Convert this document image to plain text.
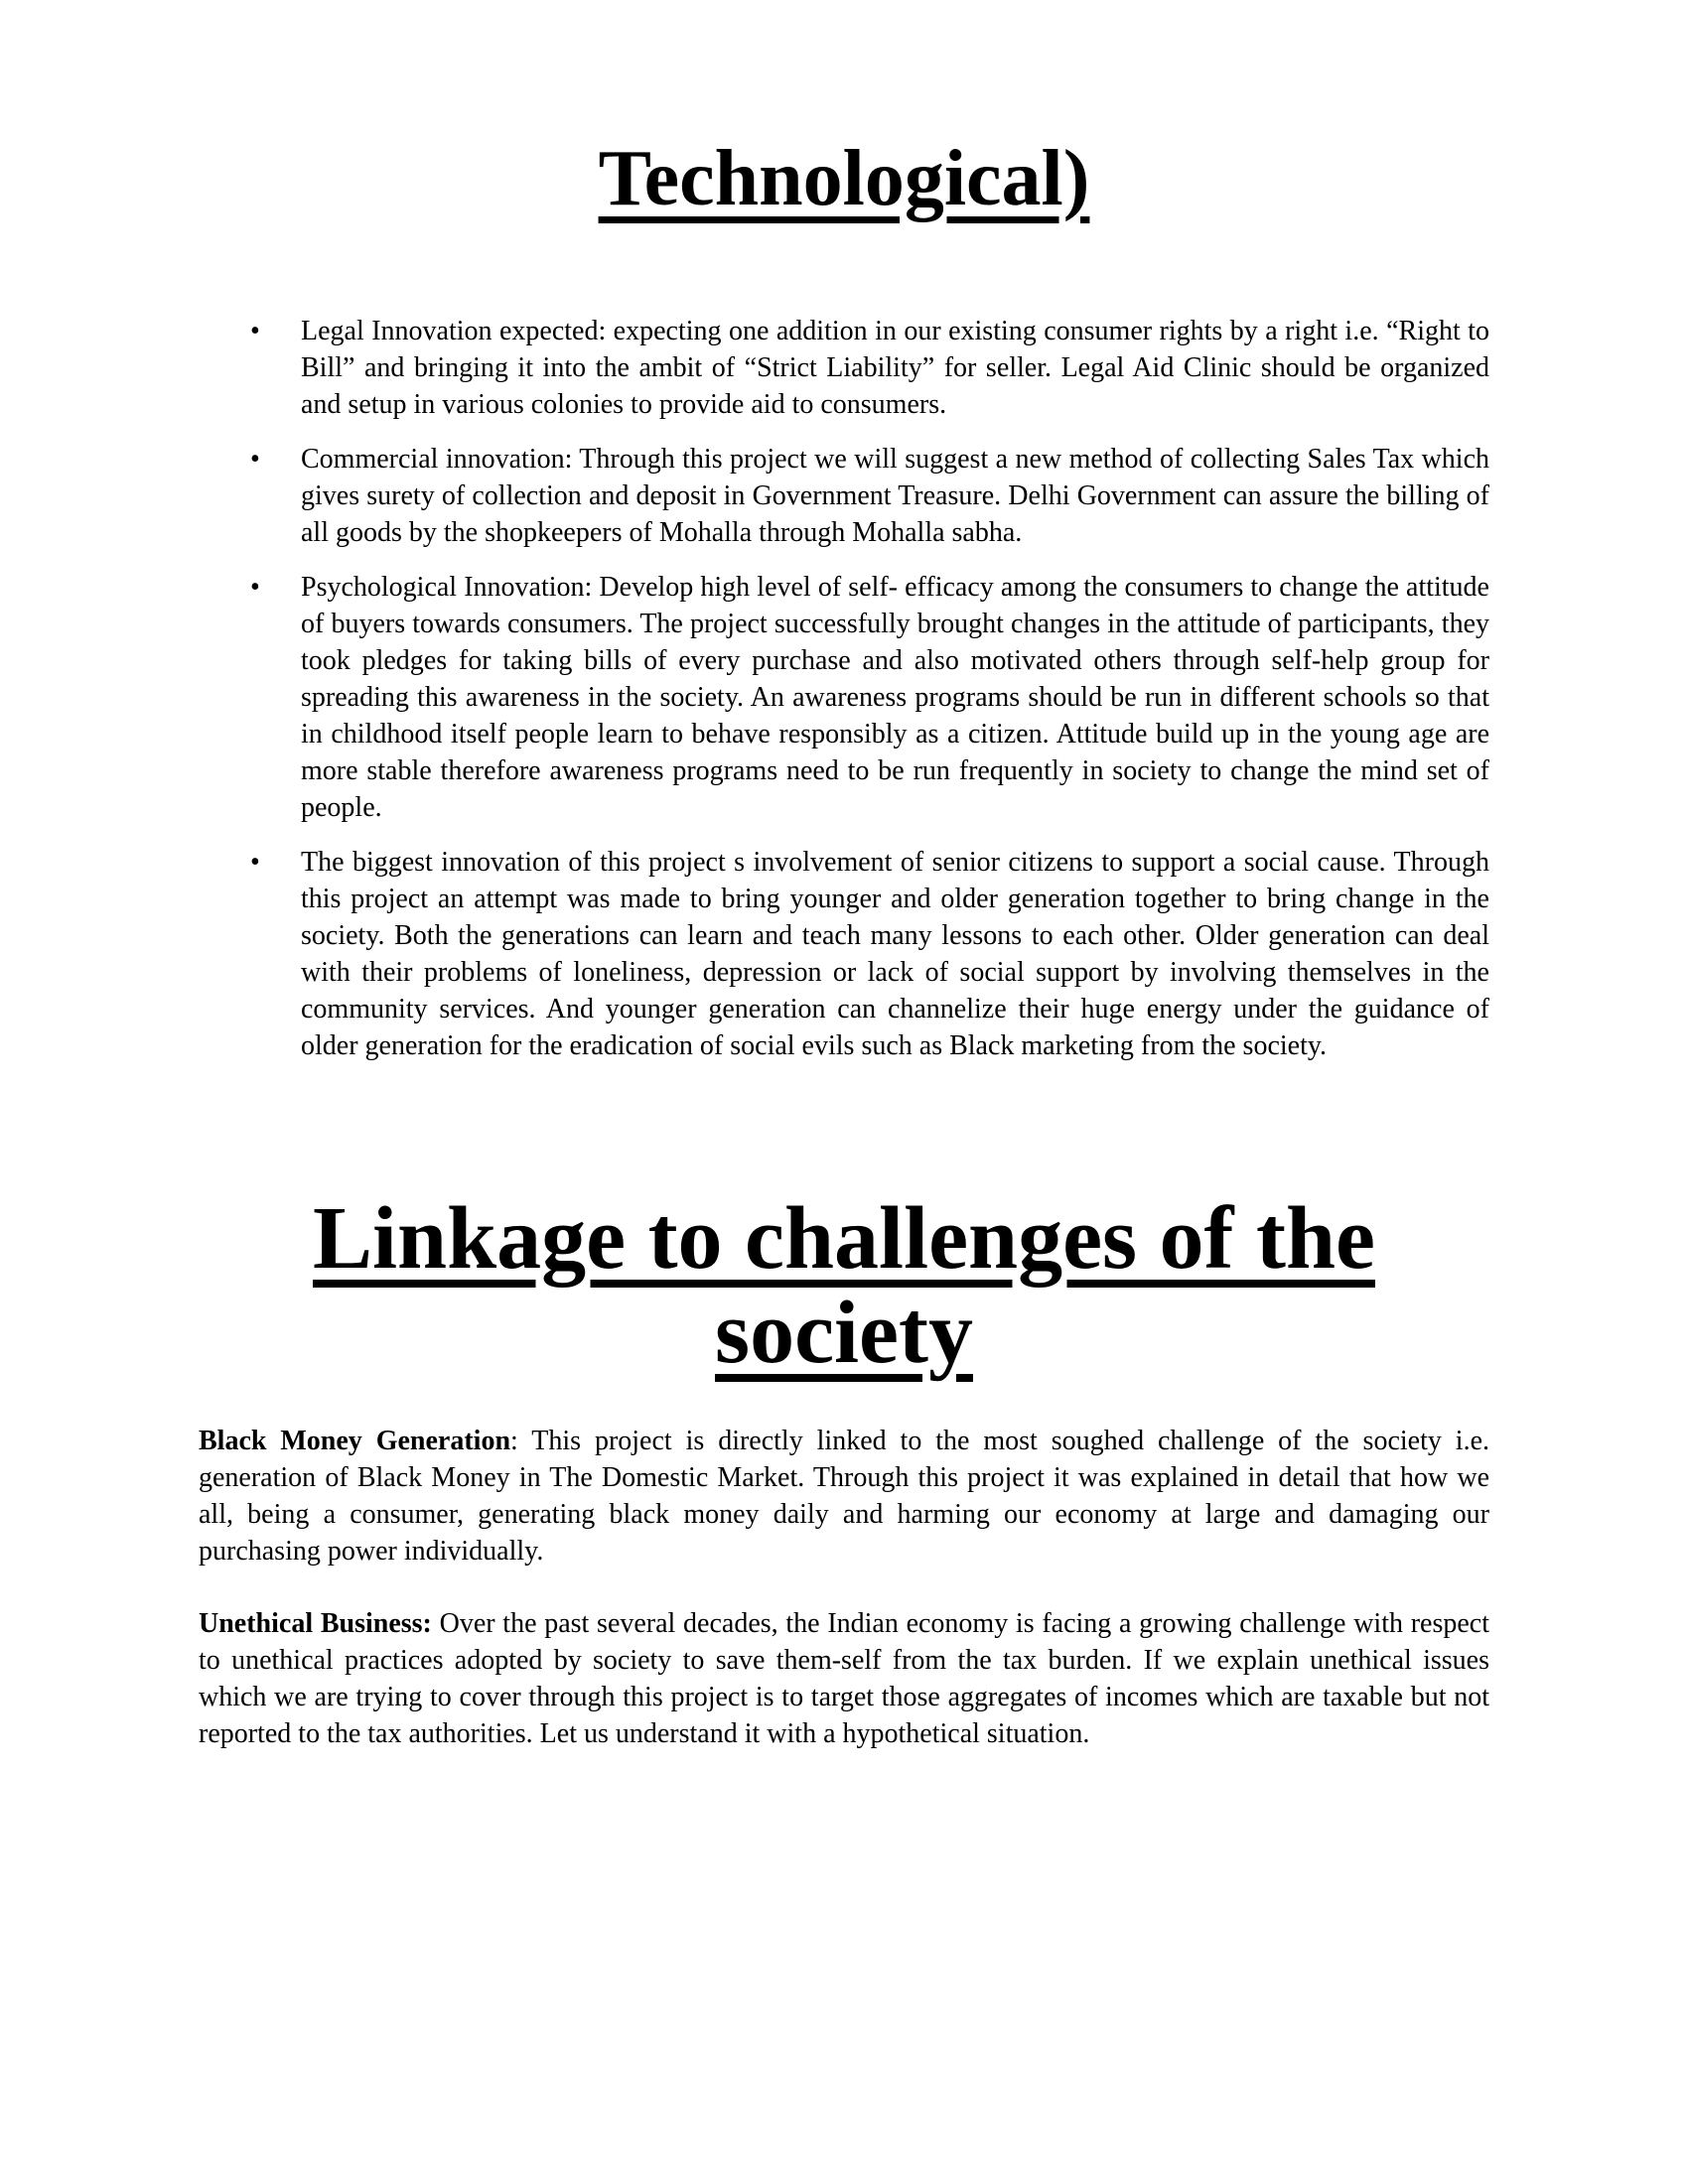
Technological)
•
Legal Innovation expected: expecting one addition in our existing consumer rights by a right i.e. “Right to Bill” and bringing it into the ambit of “Strict Liability” for seller. Legal Aid Clinic should be organized and setup in various colonies to provide aid to consumers.
•
Commercial innovation: Through this project we will suggest a new method of collecting Sales Tax which gives surety of collection and deposit in Government Treasure. Delhi Government can assure the billing of all goods by the shopkeepers of Mohalla through Mohalla sabha.
•
Psychological Innovation: Develop high level of self- efficacy among the consumers to change the attitude of buyers towards consumers. The project successfully brought changes in the attitude of participants, they took pledges for taking bills of every purchase and also motivated others through self-help group for spreading this awareness in the society. An awareness programs should be run in different schools so that in childhood itself people learn to behave responsibly as a citizen. Attitude build up in the young age are more stable therefore awareness programs need to be run frequently in society to change the mind set of people.
•
The biggest innovation of this project s involvement of senior citizens to support a social cause. Through this project an attempt was made to bring younger and older generation together to bring change in the society. Both the generations can learn and teach many lessons to each other. Older generation can deal with their problems of loneliness, depression or lack of social support by involving themselves in the community services. And younger generation can channelize their huge energy under the guidance of older generation for the eradication of social evils such as Black marketing from the society.
Linkage to challenges of the society

Black Money Generation: This project is directly linked to the most soughed challenge of the society i.e. generation of Black Money in The Domestic Market. Through this project it was explained in detail that how we all, being a consumer, generating black money daily and harming our economy at large and damaging our purchasing power individually.

Unethical Business: Over the past several decades, the Indian economy is facing a growing challenge with respect to unethical practices adopted by society to save them-self from the tax burden. If we explain unethical issues which we are trying to cover through this project is to target those aggregates of incomes which are taxable but not reported to the tax authorities. Let us understand it with a hypothetical situation.
